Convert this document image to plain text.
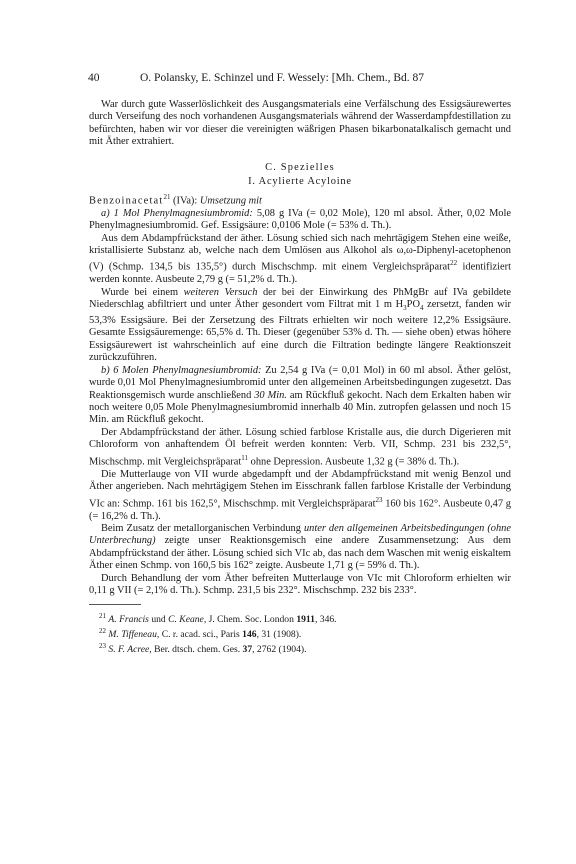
40	O. Polansky, E. Schinzel und F. Wessely: [Mh. Chem., Bd. 87

War durch gute Wasserlöslichkeit des Ausgangsmaterials eine Verfälschung des Essigsäurewertes durch Verseifung des noch vorhandenen Ausgangsmaterials während der Wasserdampfdestillation zu befürchten, haben wir vor dieser die vereinigten wäßrigen Phasen bikarbonatalkalisch gemacht und mit Äther extrahiert.

C. Spezielles

I. Acylierte Acyloine

Benzoinacetat$^{21}$ (IVa): Umsetzung mit

a) 1 Mol Phenylmagnesiumbromid: 5,08 g IVa (= 0,02 Mole), 120 ml absol. Äther, 0,02 Mole Phenylmagnesiumbromid. Gef. Essigsäure: 0,0106 Mole (= 53% d. Th.).

Aus dem Abdampfrückstand der äther. Lösung schied sich nach mehrtägigem Stehen eine weiße, kristallisierte Substanz ab, welche nach dem Umlösen aus Alkohol als ω,ω-Diphenyl-acetophenon (V) (Schmp. 134,5 bis 135,5°) durch Mischschmp. mit einem Vergleichspräparat$^{22}$ identifiziert werden konnte. Ausbeute 2,79 g (= 51,2% d. Th.).

Wurde bei einem weiteren Versuch der bei der Einwirkung des PhMgBr auf IVa gebildete Niederschlag abfiltriert und unter Äther gesondert vom Filtrat mit 1 m $H_3PO_4$ zersetzt, fanden wir 53,3% Essigsäure. Bei der Zersetzung des Filtrats erhielten wir noch weitere 12,2% Essigsäure. Gesamte Essigsäuremenge: 65,5% d. Th. Dieser (gegenüber 53% d. Th. — siehe oben) etwas höhere Essigsäurewert ist wahrscheinlich auf eine durch die Filtration bedingte längere Reaktionszeit zurückzuführen.

b) 6 Molen Phenylmagnesiumbromid: Zu 2,54 g IVa (= 0,01 Mol) in 60 ml absol. Äther gelöst, wurde 0,01 Mol Phenylmagnesiumbromid unter den allgemeinen Arbeitsbedingungen zugesetzt. Das Reaktionsgemisch wurde anschließend 30 Min. am Rückfluß gekocht. Nach dem Erkalten haben wir noch weitere 0,05 Mole Phenylmagnesiumbromid innerhalb 40 Min. zutropfen gelassen und noch 15 Min. am Rückfluß gekocht.

Der Abdampfrückstand der äther. Lösung schied farblose Kristalle aus, die durch Digerieren mit Chloroform von anhaftendem Öl befreit werden konnten: Verb. VII, Schmp. 231 bis 232,5°, Mischschmp. mit Vergleichspräparat$^{11}$ ohne Depression. Ausbeute 1,32 g (= 38% d. Th.).

Die Mutterlauge von VII wurde abgedampft und der Abdampfrückstand mit wenig Benzol und Äther angerieben. Nach mehrtägigem Stehen im Eisschrank fallen farblose Kristalle der Verbindung VIc an: Schmp. 161 bis 162,5°, Mischschmp. mit Vergleichspräparat$^{23}$ 160 bis 162°. Ausbeute 0,47 g (= 16,2% d. Th.).

Beim Zusatz der metallorganischen Verbindung unter den allgemeinen Arbeitsbedingungen (ohne Unterbrechung) zeigte unser Reaktionsgemisch eine andere Zusammensetzung: Aus dem Abdampfrückstand der äther. Lösung schied sich VIc ab, das nach dem Waschen mit wenig eiskaltem Äther einen Schmp. von 160,5 bis 162° zeigte. Ausbeute 1,71 g (= 59% d. Th.).

Durch Behandlung der vom Äther befreiten Mutterlauge von VIc mit Chloroform erhielten wir 0,11 g VII (= 2,1% d. Th.). Schmp. 231,5 bis 232°. Mischschmp. 232 bis 233°.

$^{21}$ A. Francis und C. Keane, J. Chem. Soc. London 1911, 346.

$^{22}$ M. Tiffeneau, C. r. acad. sci., Paris 146, 31 (1908).

$^{23}$ S. F. Acree, Ber. dtsch. chem. Ges. 37, 2762 (1904).
